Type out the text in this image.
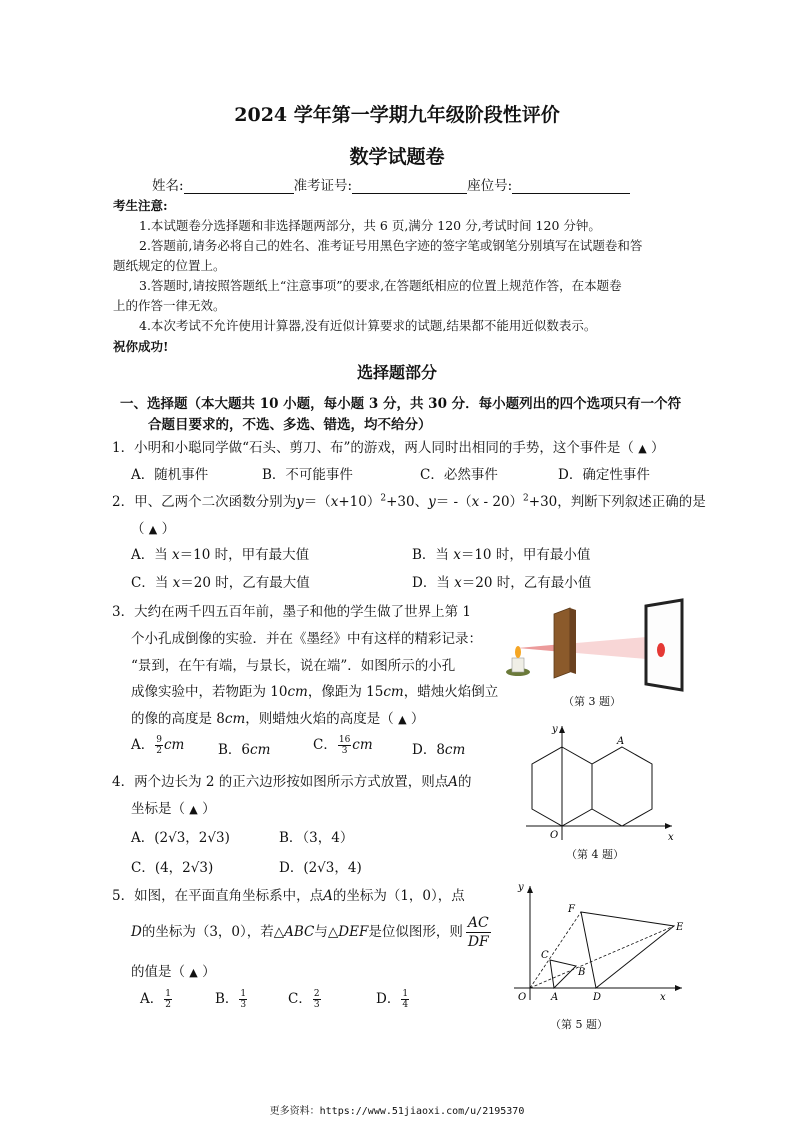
2024 学年第一学期九年级阶段性评价
数学试题卷
姓名:	准考证号:	座位号:
考生注意:
1.本试题卷分选择题和非选择题两部分，共 6 页,满分 120 分,考试时间 120 分钟。
2.答题前,请务必将自己的姓名、准考证号用黑色字迹的签字笔或钢笔分别填写在试题卷和答
题纸规定的位置上。
3.答题时,请按照答题纸上“注意事项”的要求,在答题纸相应的位置上规范作答，在本题卷
上的作答一律无效。
4.本次考试不允许使用计算器,没有近似计算要求的试题,结果都不能用近似数表示。
祝你成功!
选择题部分
一、选择题（本大题共 10 小题，每小题 3 分，共 30 分．每小题列出的四个选项只有一个符
合题目要求的，不选、多选、错选，均不给分）
1．小明和小聪同学做“石头、剪刀、布”的游戏，两人同时出相同的手势，这个事件是（ ▲ ）
A．随机事件	B．不可能事件	C．必然事件	D．确定性事件
2．甲、乙两个二次函数分别为$y=(x+10)^2+30$、y＝ -（x - 20）$^2$+30，判断下列叙述正确的是
（ ▲ ）
A．当 x＝10 时，甲有最大值	B．当 x＝10 时，甲有最小值
C．当 x＝20 时，乙有最大值	D．当 x＝20 时，乙有最小值
3．大约在两千四五百年前，墨子和他的学生做了世界上第 1
个小孔成倒像的实验．并在《墨经》中有这样的精彩记录：
“景到，在午有端，与景长，说在端”．如图所示的小孔
成像实验中，若物距为 10cm，像距为 15cm，蜡烛火焰倒立
的像的高度是 8cm，则蜡烛火焰的高度是（ ▲ ）
A． $\frac{9}{2}$ cm B．6cm	C． $\frac{16}{3}$ cm	D．8cm
（第 3 题）
4．两个边长为 2 的正六边形按如图所示方式放置，则点A的
坐标是（ ▲ ）
A．(2√3，2√3)	B．（3，4）
C．(4，2√3)	D．(2√3，4)
y
x
O
A
（第 4 题）
5．如图，在平面直角坐标系中，点A的坐标为（1，0），点
D的坐标为（3，0），若△ABC与△DEF是位似图形，则 $\frac{AC}{DF}$
的值是（ ▲ ）
A． $\frac{1}{2}$	B． $\frac{1}{3}$	C． $\frac{2}{3}$	D． $\frac{1}{4}$
C
B
A	D
E
F
O
y
x
（第 5 题）
更多资料：https://www.51jiaoxi.com/u/2195370
